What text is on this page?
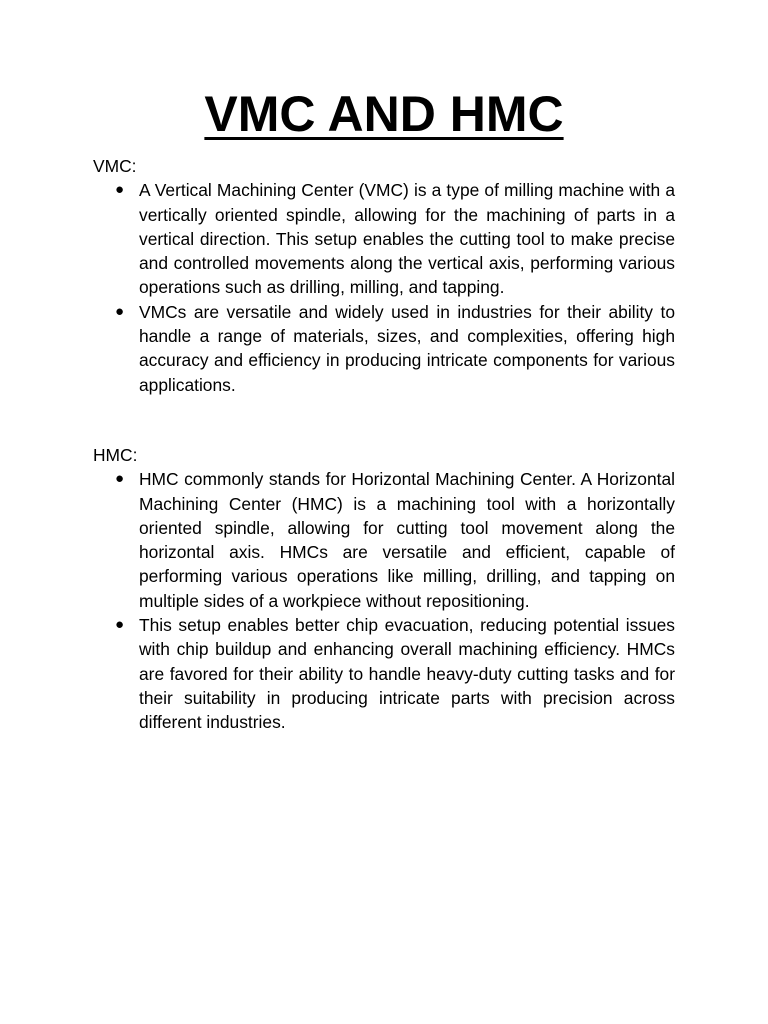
VMC AND HMC

VMC:

● A Vertical Machining Center (VMC) is a type of milling machine with a vertically oriented spindle, allowing for the machining of parts in a vertical direction. This setup enables the cutting tool to make precise and controlled movements along the vertical axis, performing various operations such as drilling, milling, and tapping.
● VMCs are versatile and widely used in industries for their ability to handle a range of materials, sizes, and complexities, offering high accuracy and efficiency in producing intricate components for various applications.

HMC:

● HMC commonly stands for Horizontal Machining Center. A Horizontal Machining Center (HMC) is a machining tool with a horizontally oriented spindle, allowing for cutting tool movement along the horizontal axis. HMCs are versatile and efficient, capable of performing various operations like milling, drilling, and tapping on multiple sides of a workpiece without repositioning.
● This setup enables better chip evacuation, reducing potential issues with chip buildup and enhancing overall machining efficiency. HMCs are favored for their ability to handle heavy-duty cutting tasks and for their suitability in producing intricate parts with precision across different industries.
